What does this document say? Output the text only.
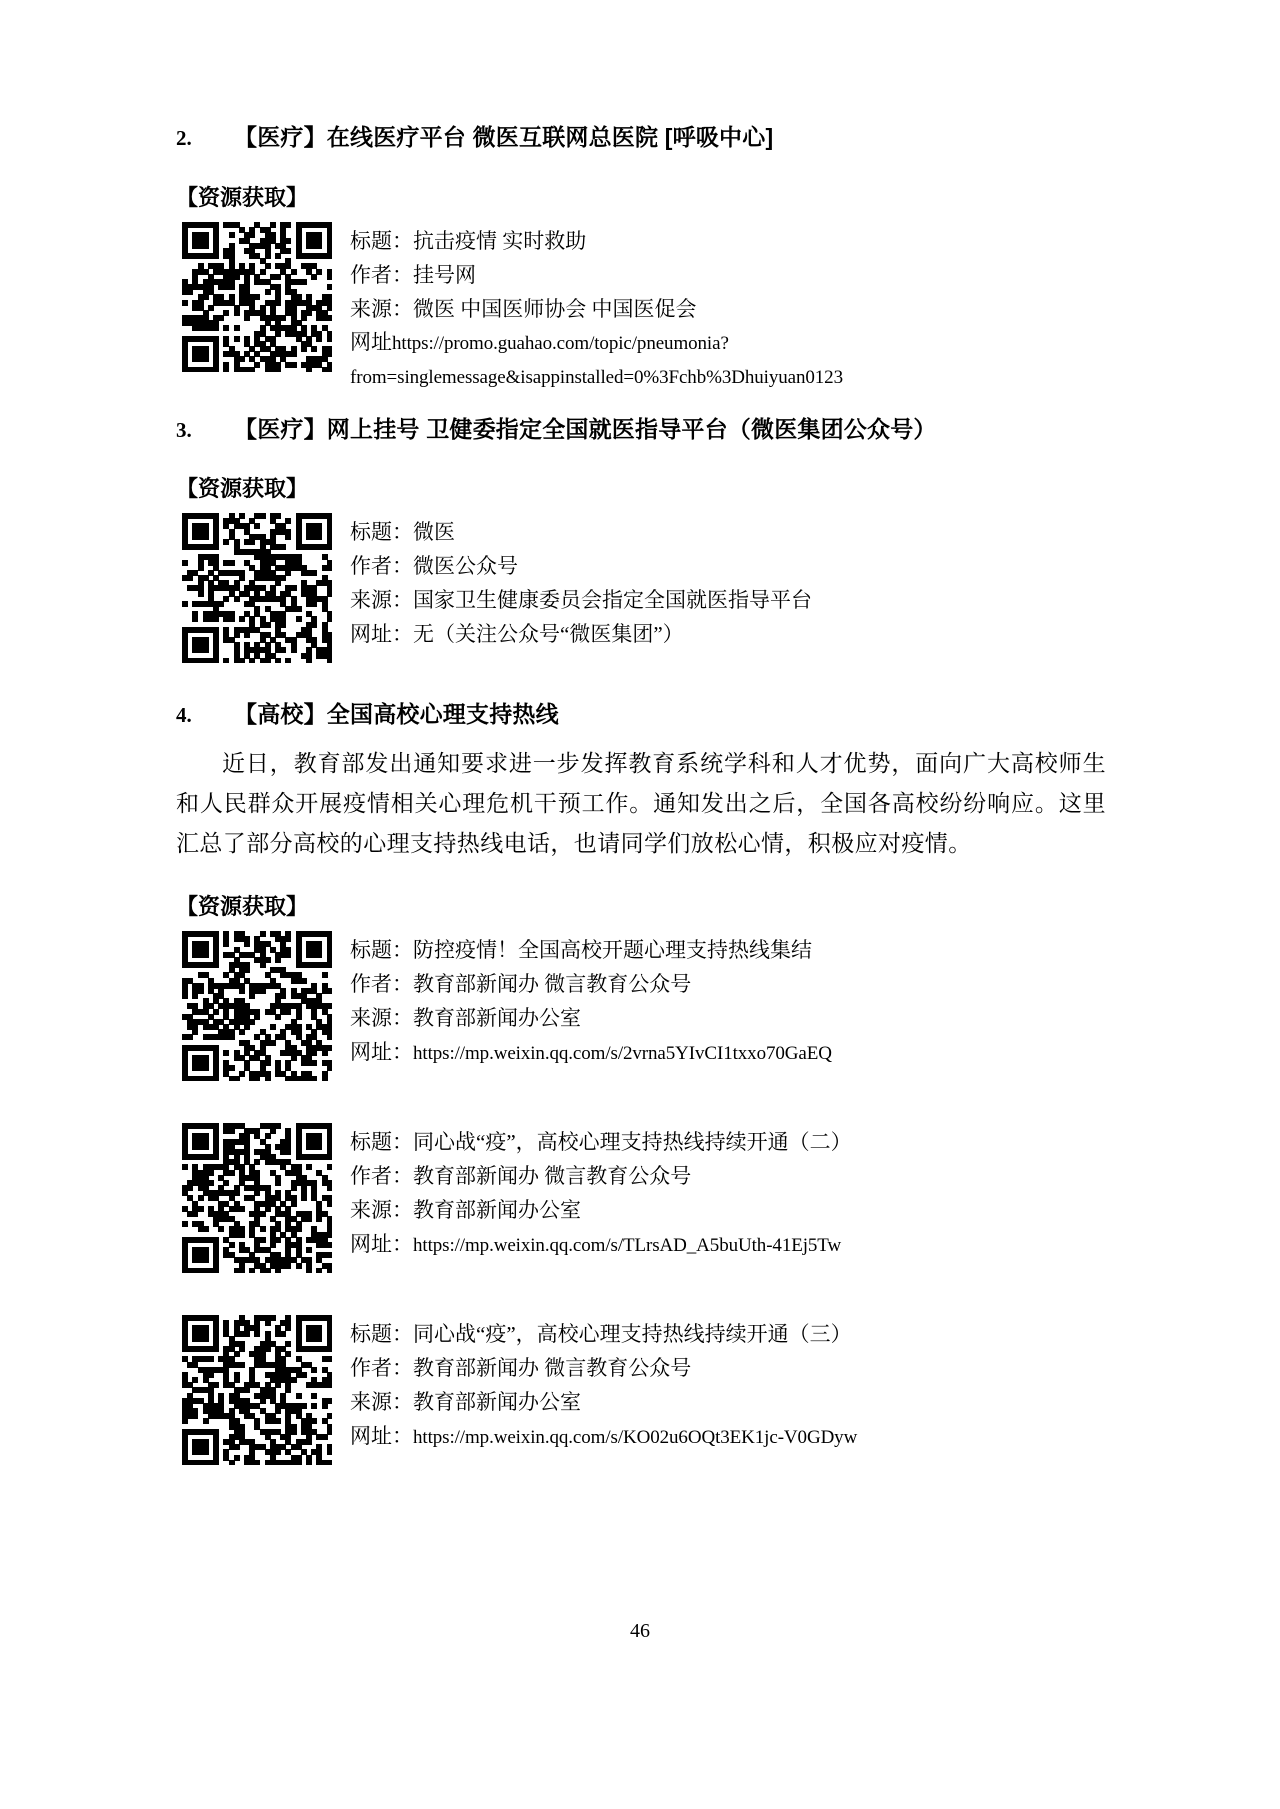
2.	【医疗】在线医疗平台 微医互联网总医院 [呼吸中心]
【资源获取】
标题：抗击疫情 实时救助
作者：挂号网
来源：微医 中国医师协会 中国医促会
网址https://promo.guahao.com/topic/pneumonia?from=singlemessage&isappinstalled=0%3Fchb%3Dhuiyuan0123
3.	【医疗】网上挂号 卫健委指定全国就医指导平台（微医集团公众号）
【资源获取】
标题：微医
作者：微医公众号
来源：国家卫生健康委员会指定全国就医指导平台
网址：无（关注公众号“微医集团”）
4.	【高校】全国高校心理支持热线
近日，教育部发出通知要求进一步发挥教育系统学科和人才优势，面向广大高校师生和人民群众开展疫情相关心理危机干预工作。通知发出之后，全国各高校纷纷响应。这里汇总了部分高校的心理支持热线电话，也请同学们放松心情，积极应对疫情。
【资源获取】
标题：防控疫情！全国高校开题心理支持热线集结
作者：教育部新闻办 微言教育公众号
来源：教育部新闻办公室
网址：https://mp.weixin.qq.com/s/2vrna5YIvCI1txxo70GaEQ
标题：同心战“疫”，高校心理支持热线持续开通（二）
作者：教育部新闻办 微言教育公众号
来源：教育部新闻办公室
网址：https://mp.weixin.qq.com/s/TLrsAD_A5buUth-41Ej5Tw
标题：同心战“疫”，高校心理支持热线持续开通（三）
作者：教育部新闻办 微言教育公众号
来源：教育部新闻办公室
网址：https://mp.weixin.qq.com/s/KO02u6OQt3EK1jc-V0GDyw
46
